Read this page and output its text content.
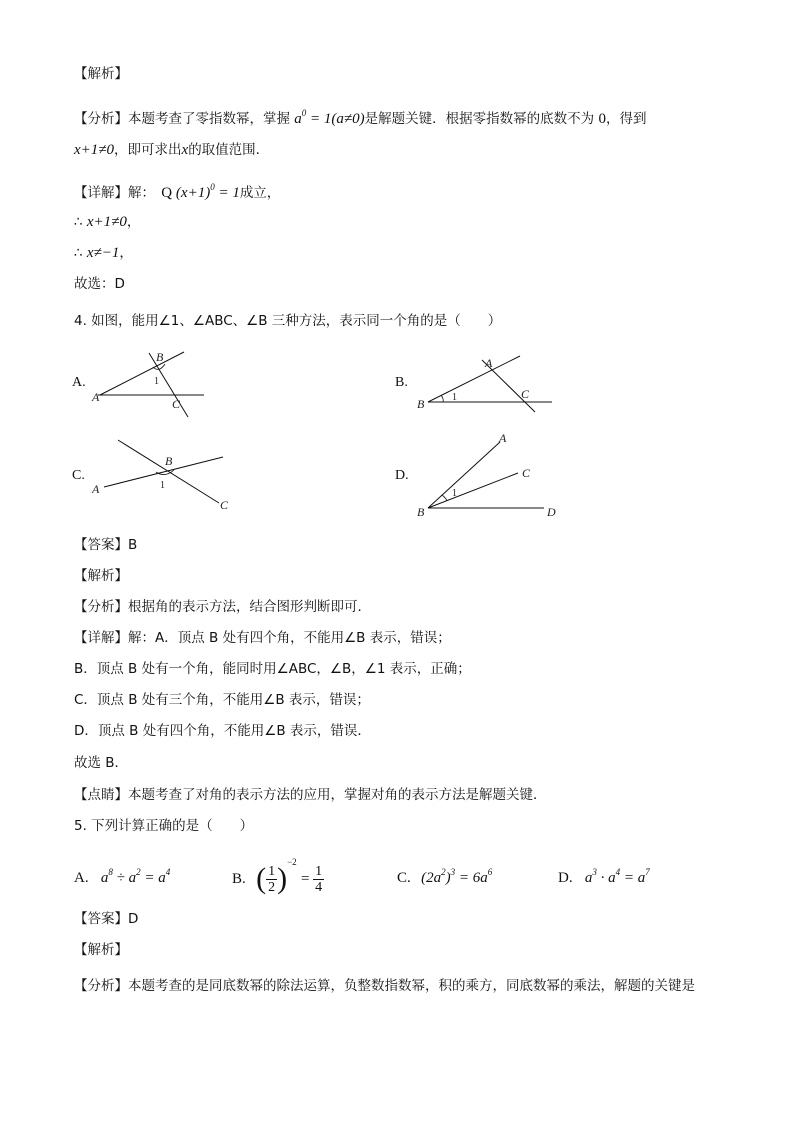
【解析】
【分析】本题考查了零指数幂，掌握 $a^0 = 1(a\ne 0)$是解题关键．根据零指数幂的底数不为 0，得到
x+1≠0，即可求出x的取值范围．
【详解】解： Q $(x+1)^0 = 1$成立，
∴ x+1≠0，
∴ x≠−1，
故选：D
4. 如图，能用∠1、∠ABC、∠B 三种方法，表示同一个角的是（　　）
A.
B
1
A	C
B.
B	1
A
C
C.
B
1
A
C
D.
B
1
A
C
D
【答案】B
【解析】
【分析】根据角的表示方法，结合图形判断即可．
【详解】解：A．顶点 B 处有四个角，不能用∠B 表示，错误；
B．顶点 B 处有一个角，能同时用∠ABC，∠B，∠1 表示，正确；
C．顶点 B 处有三个角，不能用∠B 表示，错误；
D．顶点 B 处有四个角，不能用∠B 表示，错误．
故选 B．
【点睛】本题考查了对角的表示方法的应用，掌握对角的表示方法是解题关键．
5. 下列计算正确的是（　　）
A. $a^8 \div a^2 = a^4$	B. ( $\frac{1}{2} )^{-2} = \frac{1}{4}$	C. $(2a^2)^3 = 6a^6$	D. $a^3 \cdot a^4 = a^7$
【答案】D
【解析】
【分析】本题考查的是同底数幂的除法运算，负整数指数幂，积的乘方，同底数幂的乘法，解题的关键是
